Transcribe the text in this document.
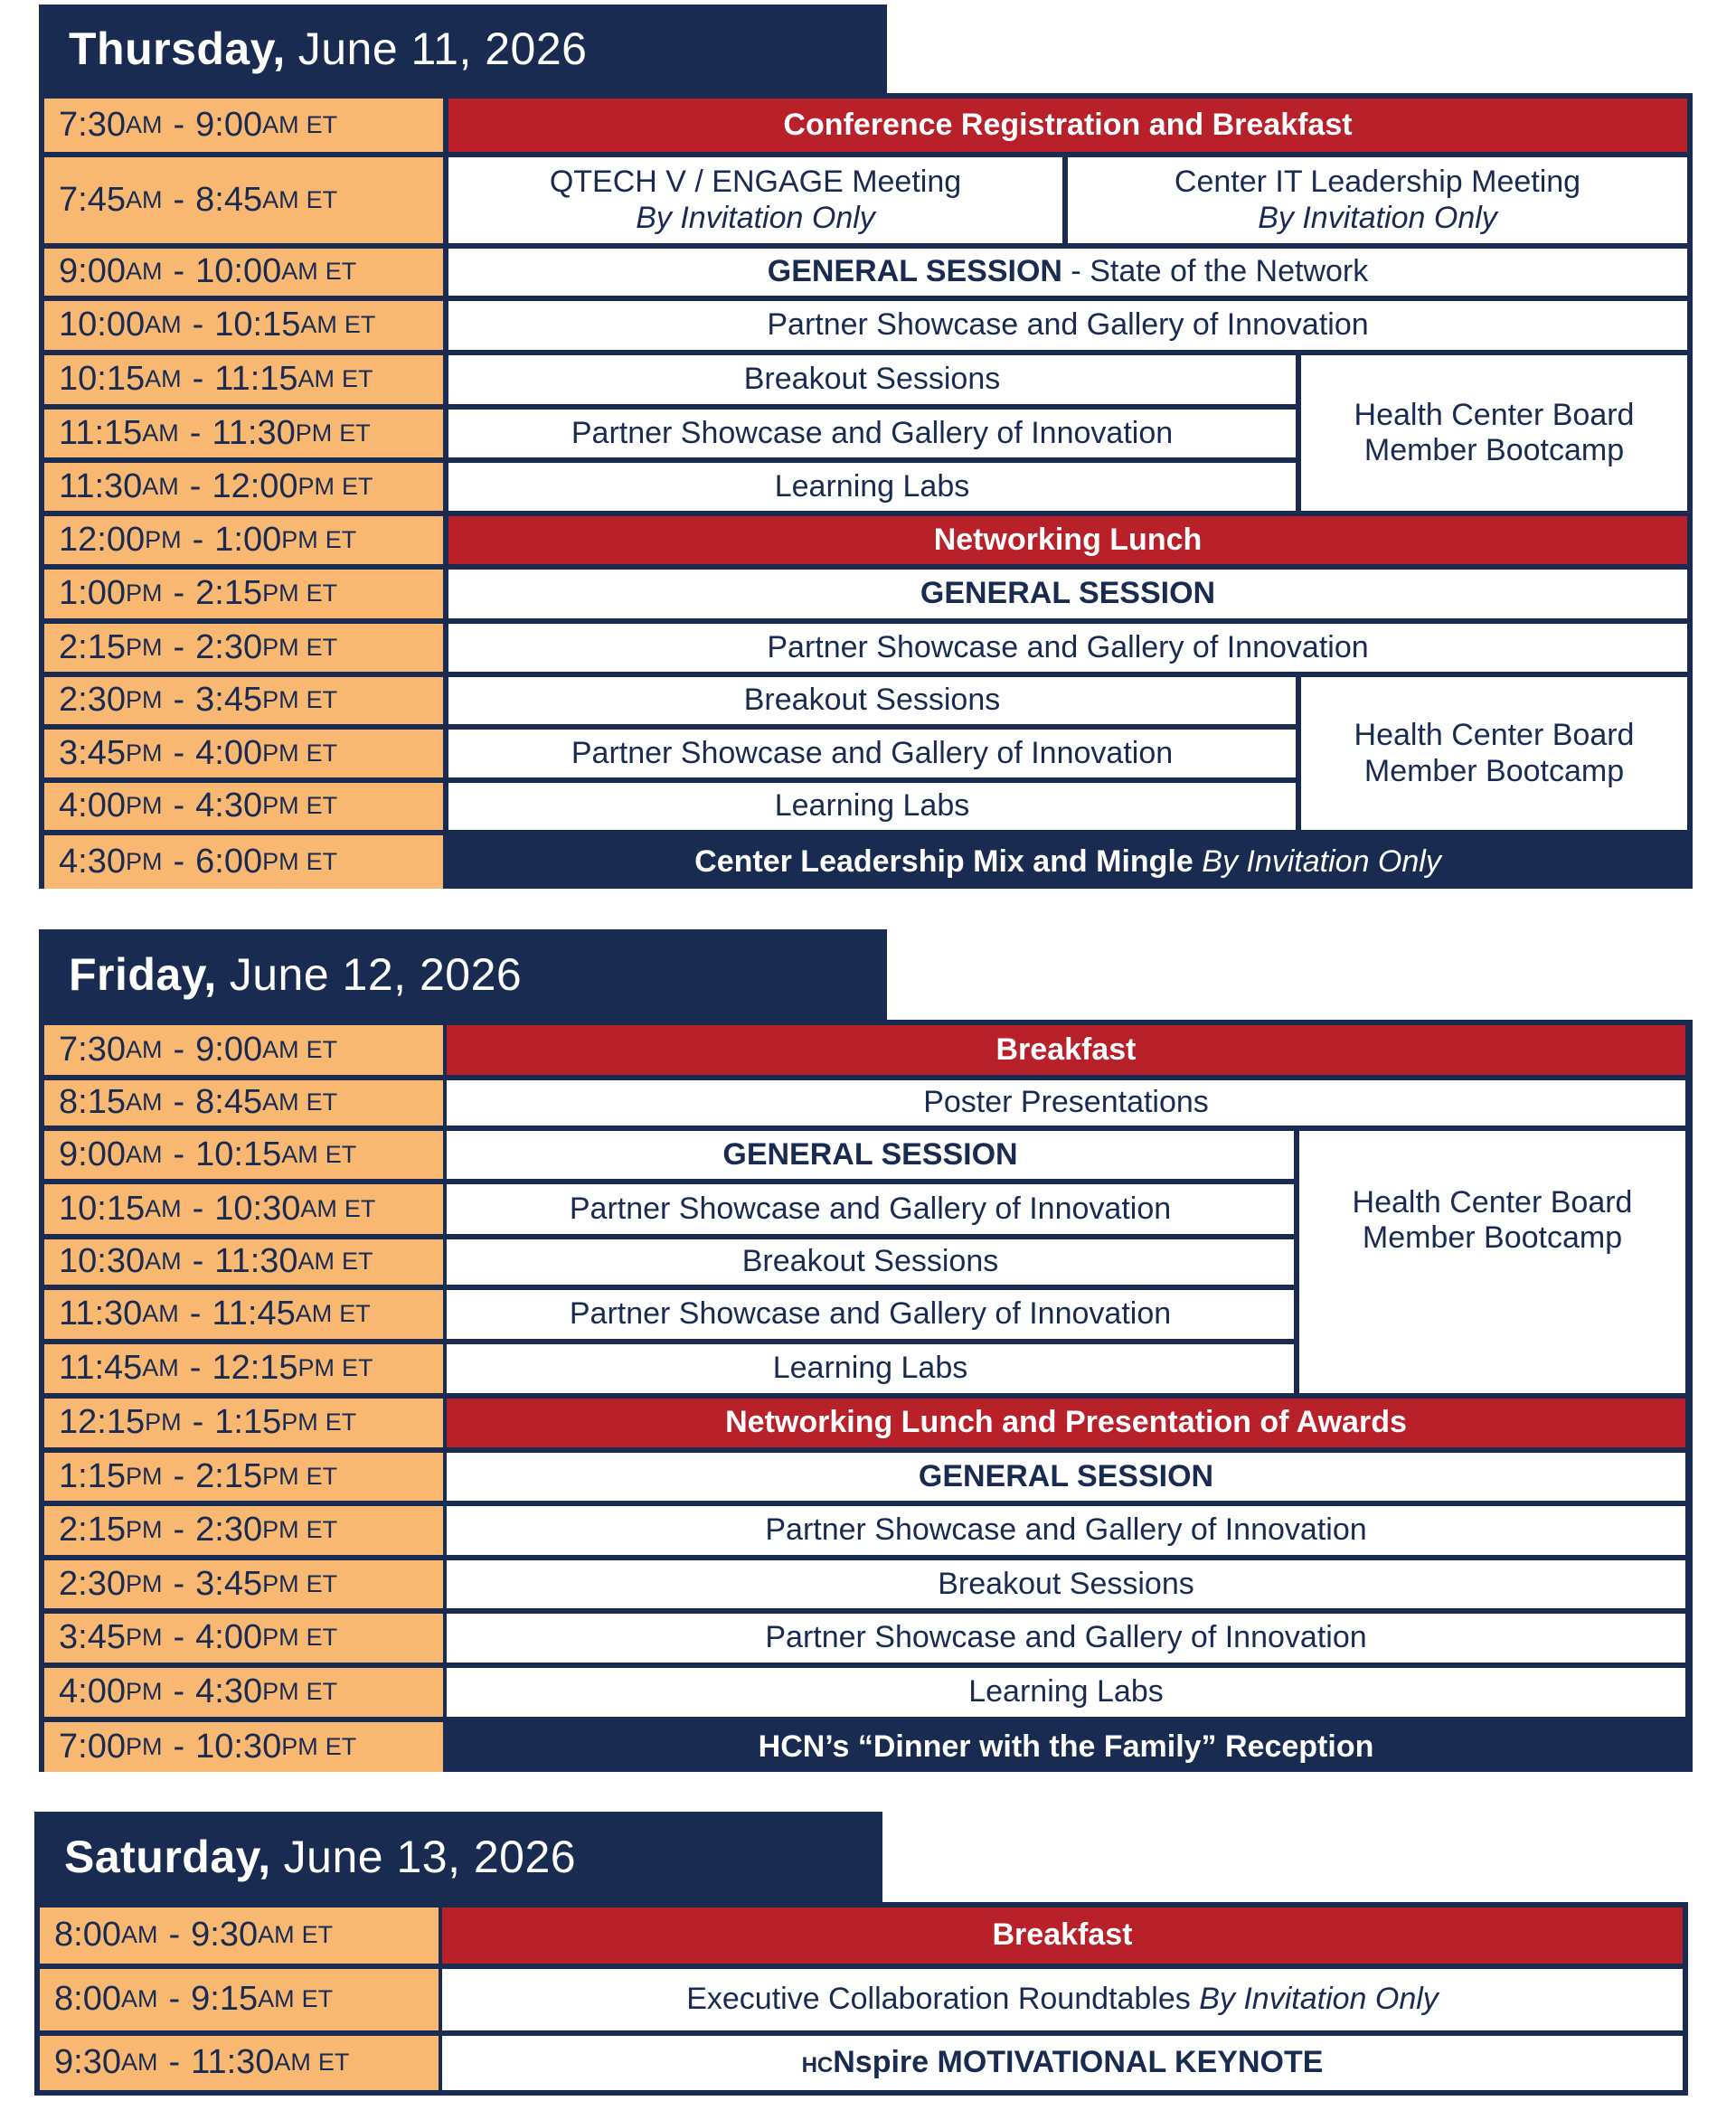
Thursday, June 11, 2026
Conference Registration and Breakfast
QTECH V / ENGAGE Meeting
By Invitation Only
Center IT Leadership Meeting
By Invitation Only
GENERAL SESSION - State of the Network
Partner Showcase and Gallery of Innovation
Breakout Sessions
Partner Showcase and Gallery of Innovation
Learning Labs
Health Center Board
Member Bootcamp
Networking Lunch
GENERAL SESSION
Partner Showcase and Gallery of Innovation
Breakout Sessions
Partner Showcase and Gallery of Innovation
Learning Labs
Health Center Board
Member Bootcamp
Center Leadership Mix and Mingle By Invitation Only
7:30 AM - 9:00 AM ET
7:45 AM - 8:45 AM ET
9:00 AM - 10:00 AM ET
10:00 AM - 10:15 AM ET
10:15 AM - 11:15 AM ET
11:15 AM - 11:30 PM ET
11:30 AM - 12:00 PM ET
12:00 PM - 1:00 PM ET
1:00 PM - 2:15 PM ET
2:15 PM - 2:30 PM ET
2:30 PM - 3:45 PM ET
3:45 PM - 4:00 PM ET
4:00 PM - 4:30 PM ET
4:30 PM - 6:00 PM ET
Friday, June 12, 2026
Breakfast
Poster Presentations
GENERAL SESSION
Partner Showcase and Gallery of Innovation
Breakout Sessions
Partner Showcase and Gallery of Innovation
Learning Labs
Health Center Board
Member Bootcamp
Networking Lunch and Presentation of Awards
GENERAL SESSION
Partner Showcase and Gallery of Innovation
Breakout Sessions
Partner Showcase and Gallery of Innovation
Learning Labs
HCN’s “Dinner with the Family” Reception
7:30 AM - 9:00 AM ET
8:15 AM - 8:45 AM ET
9:00 AM - 10:15 AM ET
10:15 AM - 10:30 AM ET
10:30 AM - 11:30 AM ET
11:30 AM - 11:45 AM ET
11:45 AM - 12:15 PM ET
12:15 PM - 1:15 PM ET
1:15 PM - 2:15 PM ET
2:15 PM - 2:30 PM ET
2:30 PM - 3:45 PM ET
3:45 PM - 4:00 PM ET
4:00 PM - 4:30 PM ET
7:00 PM - 10:30 PM ET
Saturday, June 13, 2026
Breakfast
Executive Collaboration Roundtables By Invitation Only
HCNspire MOTIVATIONAL KEYNOTE
8:00 AM - 9:30 AM ET
8:00 AM - 9:15 AM ET
9:30 AM - 11:30 AM ET
